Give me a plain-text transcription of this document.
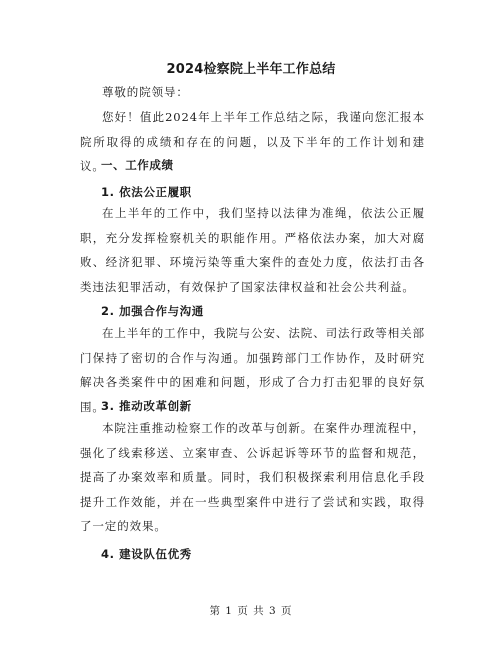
2024检察院上半年工作总结
尊敬的院领导：
您好！值此2024年上半年工作总结之际，我谨向您汇报本院所取得的成绩和存在的问题，以及下半年的工作计划和建议。
一、工作成绩
1. 依法公正履职
在上半年的工作中，我们坚持以法律为准绳，依法公正履职，充分发挥检察机关的职能作用。严格依法办案，加大对腐败、经济犯罪、环境污染等重大案件的查处力度，依法打击各类违法犯罪活动，有效保护了国家法律权益和社会公共利益。
2. 加强合作与沟通
在上半年的工作中，我院与公安、法院、司法行政等相关部门保持了密切的合作与沟通。加强跨部门工作协作，及时研究解决各类案件中的困难和问题，形成了合力打击犯罪的良好氛围。
3. 推动改革创新
本院注重推动检察工作的改革与创新。在案件办理流程中，强化了线索移送、立案审查、公诉起诉等环节的监督和规范，提高了办案效率和质量。同时，我们积极探索利用信息化手段提升工作效能，并在一些典型案件中进行了尝试和实践，取得了一定的效果。
4. 建设队伍优秀
第 1 页 共 3 页
